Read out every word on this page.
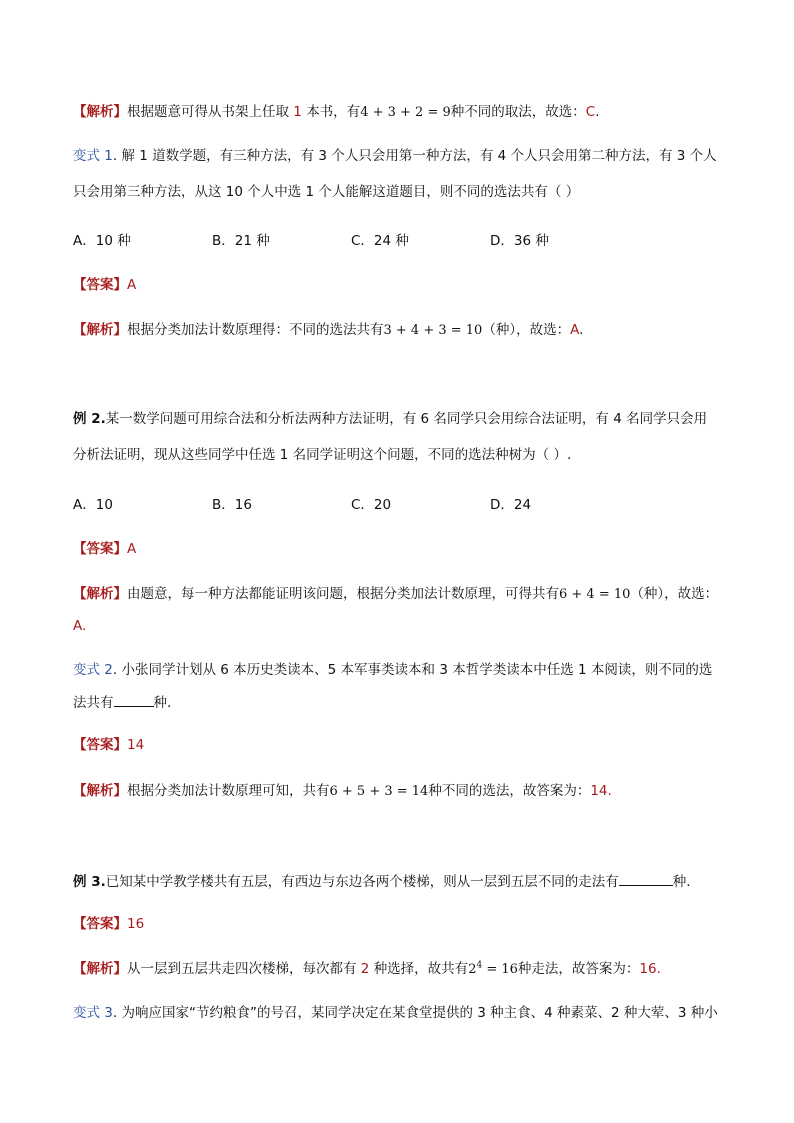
【解析】根据题意可得从书架上任取 1 本书，有4 + 3 + 2 = 9种不同的取法，故选：C.
变式 1. 解 1 道数学题，有三种方法，有 3 个人只会用第一种方法，有 4 个人只会用第二种方法，有 3 个人
只会用第三种方法，从这 10 个人中选 1 个人能解这道题目，则不同的选法共有（ ）
A．10 种	B．21 种	C．24 种	D．36 种
【答案】A
【解析】根据分类加法计数原理得：不同的选法共有3 + 4 + 3 = 10（种），故选：A.
例 2.某一数学问题可用综合法和分析法两种方法证明，有 6 名同学只会用综合法证明，有 4 名同学只会用
分析法证明，现从这些同学中任选 1 名同学证明这个问题，不同的选法种树为（ ）.
A．10	B．16	C．20	D．24
【答案】A
【解析】由题意，每一种方法都能证明该问题，根据分类加法计数原理，可得共有6 + 4 = 10（种），故选：
A.
变式 2. 小张同学计划从 6 本历史类读本、5 本军事类读本和 3 本哲学类读本中任选 1 本阅读，则不同的选
法共有	种.
【答案】14
【解析】根据分类加法计数原理可知，共有6 + 5 + 3 = 14种不同的选法，故答案为：14.
例 3.已知某中学教学楼共有五层，有西边与东边各两个楼梯，则从一层到五层不同的走法有	种.
【答案】16
【解析】从一层到五层共走四次楼梯，每次都有 2 种选择，故共有$2^4 = 16$种走法，故答案为：16.
变式 3. 为响应国家“节约粮食”的号召，某同学决定在某食堂提供的 3 种主食、4 种素菜、2 种大荤、3 种小
